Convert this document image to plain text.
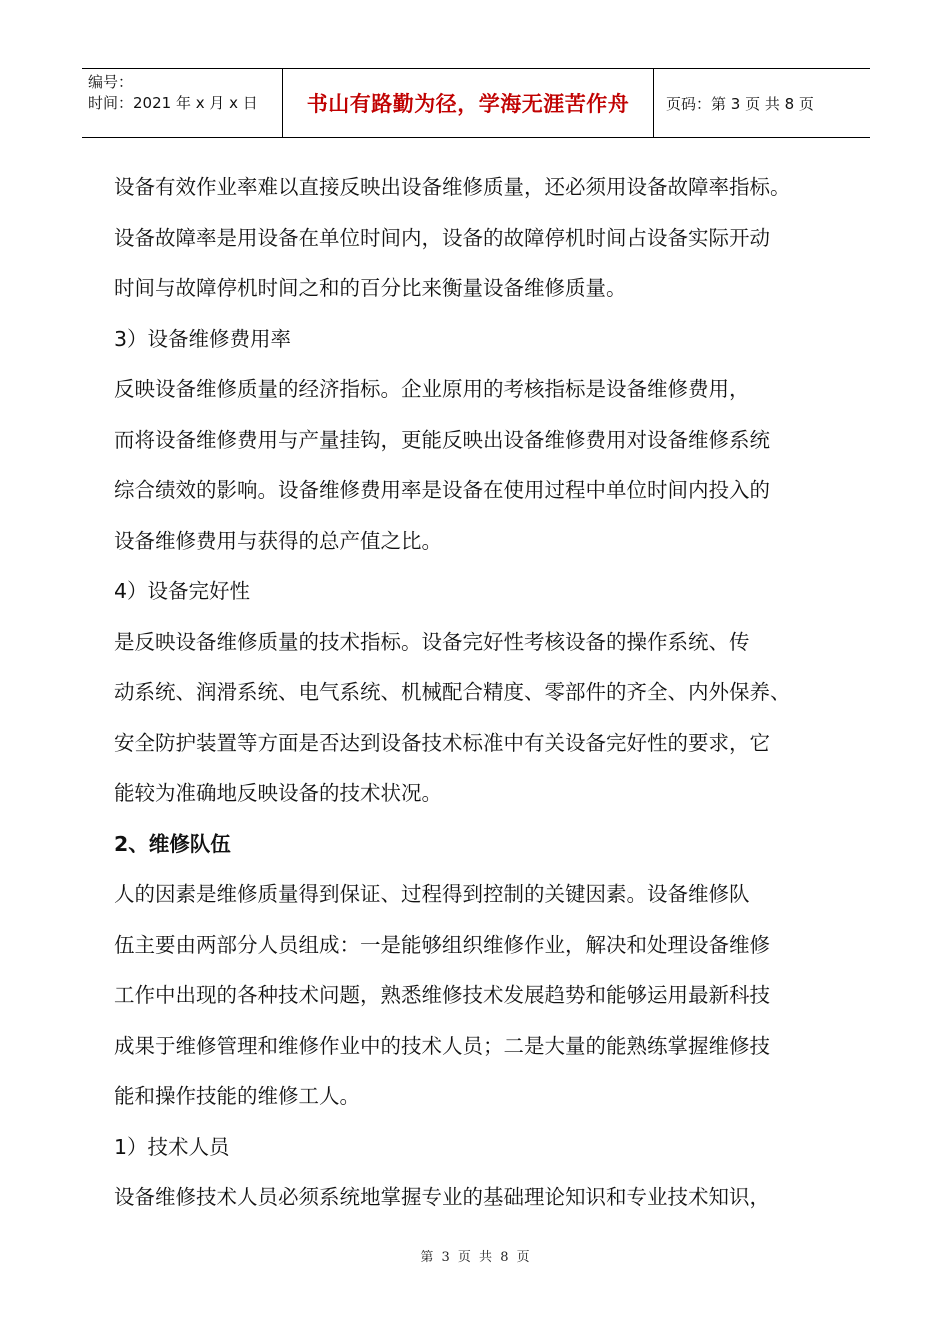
编号：
时间：2021 年 x 月 x 日	书山有路勤为径，学海无涯苦作舟 页码：第 3 页 共 8 页

设备有效作业率难以直接反映出设备维修质量，还必须用设备故障率指标。

设备故障率是用设备在单位时间内，设备的故障停机时间占设备实际开动

时间与故障停机时间之和的百分比来衡量设备维修质量。

3）设备维修费用率

反映设备维修质量的经济指标。企业原用的考核指标是设备维修费用，

而将设备维修费用与产量挂钩，更能反映出设备维修费用对设备维修系统

综合绩效的影响。设备维修费用率是设备在使用过程中单位时间内投入的

设备维修费用与获得的总产值之比。

4）设备完好性

是反映设备维修质量的技术指标。设备完好性考核设备的操作系统、传

动系统、润滑系统、电气系统、机械配合精度、零部件的齐全、内外保养、

安全防护装置等方面是否达到设备技术标准中有关设备完好性的要求，它

能较为准确地反映设备的技术状况。

2、维修队伍

人的因素是维修质量得到保证、过程得到控制的关键因素。设备维修队

伍主要由两部分人员组成：一是能够组织维修作业，解决和处理设备维修

工作中出现的各种技术问题，熟悉维修技术发展趋势和能够运用最新科技

成果于维修管理和维修作业中的技术人员；二是大量的能熟练掌握维修技

能和操作技能的维修工人。

1）技术人员

设备维修技术人员必须系统地掌握专业的基础理论知识和专业技术知识，

第 3 页 共 8 页
